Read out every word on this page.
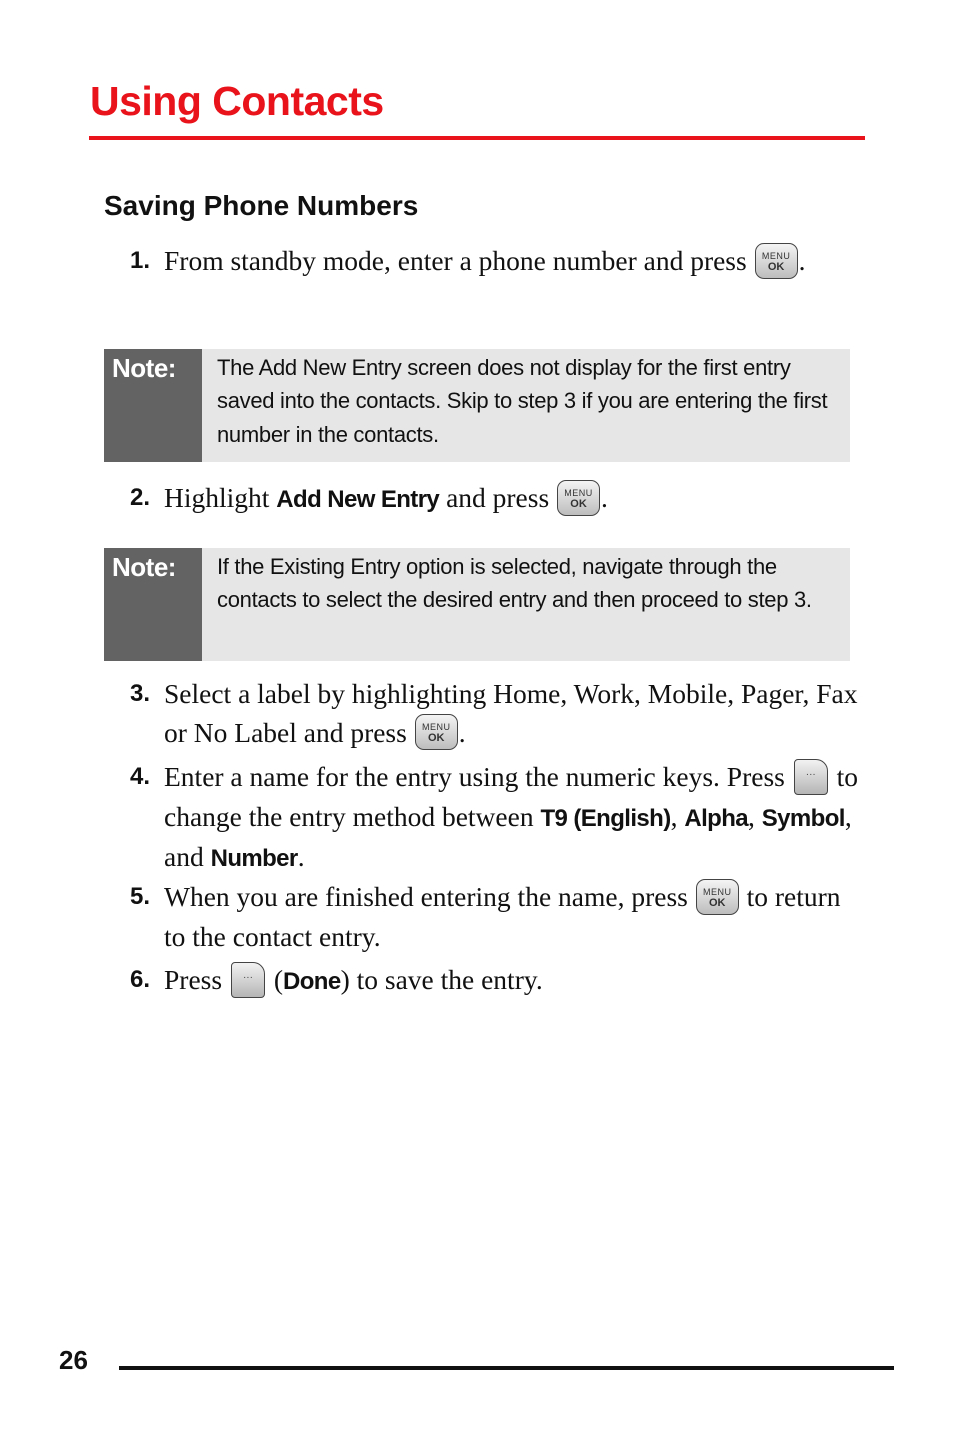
Using Contacts
Saving Phone Numbers
1. From standby mode, enter a phone number and press MENU
OK .
Note:	The Add New Entry screen does not display for the first entry saved into the contacts. Skip to step 3 if you are entering the first number in the contacts.
2. Highlight Add New Entry and press MENU
OK .
Note:	If the Existing Entry option is selected, navigate through the contacts to select the desired entry and then proceed to step 3.
3. Select a label by highlighting Home, Work, Mobile, Pager, Fax or No Label and press MENU
OK .
4. Enter a name for the entry using the numeric keys. Press ··· to change the entry method between T9 (English), Alpha, Symbol, and Number.
5. When you are finished entering the name, press MENU
OK to return to the contact entry.
6. Press ··· (Done) to save the entry.
26
